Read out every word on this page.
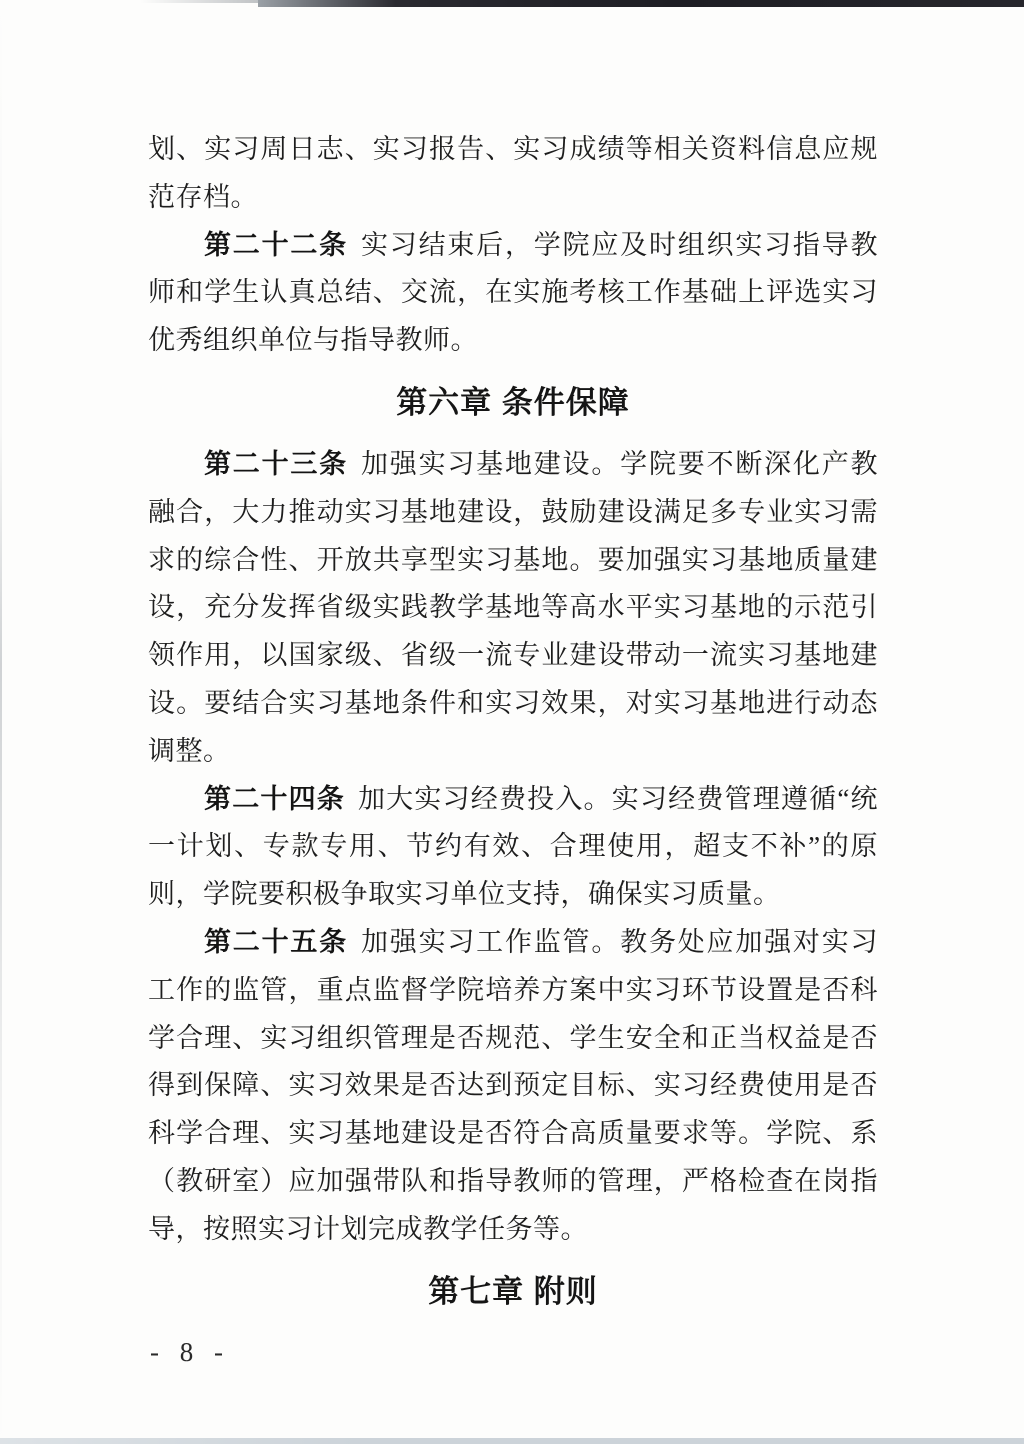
划、实习周日志、实习报告、实习成绩等相关资料信息应规
范存档。
第二十二条 实习结束后，学院应及时组织实习指导教
师和学生认真总结、交流，在实施考核工作基础上评选实习
优秀组织单位与指导教师。
第六章 条件保障
第二十三条 加强实习基地建设。学院要不断深化产教
融合，大力推动实习基地建设，鼓励建设满足多专业实习需
求的综合性、开放共享型实习基地。要加强实习基地质量建
设，充分发挥省级实践教学基地等高水平实习基地的示范引
领作用，以国家级、省级一流专业建设带动一流实习基地建
设。要结合实习基地条件和实习效果，对实习基地进行动态
调整。
第二十四条 加大实习经费投入。实习经费管理遵循“统
一计划、专款专用、节约有效、合理使用，超支不补”的原
则，学院要积极争取实习单位支持，确保实习质量。
第二十五条 加强实习工作监管。教务处应加强对实习
工作的监管，重点监督学院培养方案中实习环节设置是否科
学合理、实习组织管理是否规范、学生安全和正当权益是否
得到保障、实习效果是否达到预定目标、实习经费使用是否
科学合理、实习基地建设是否符合高质量要求等。学院、系
（教研室）应加强带队和指导教师的管理，严格检查在岗指
导，按照实习计划完成教学任务等。
第七章 附则
- 8 -
